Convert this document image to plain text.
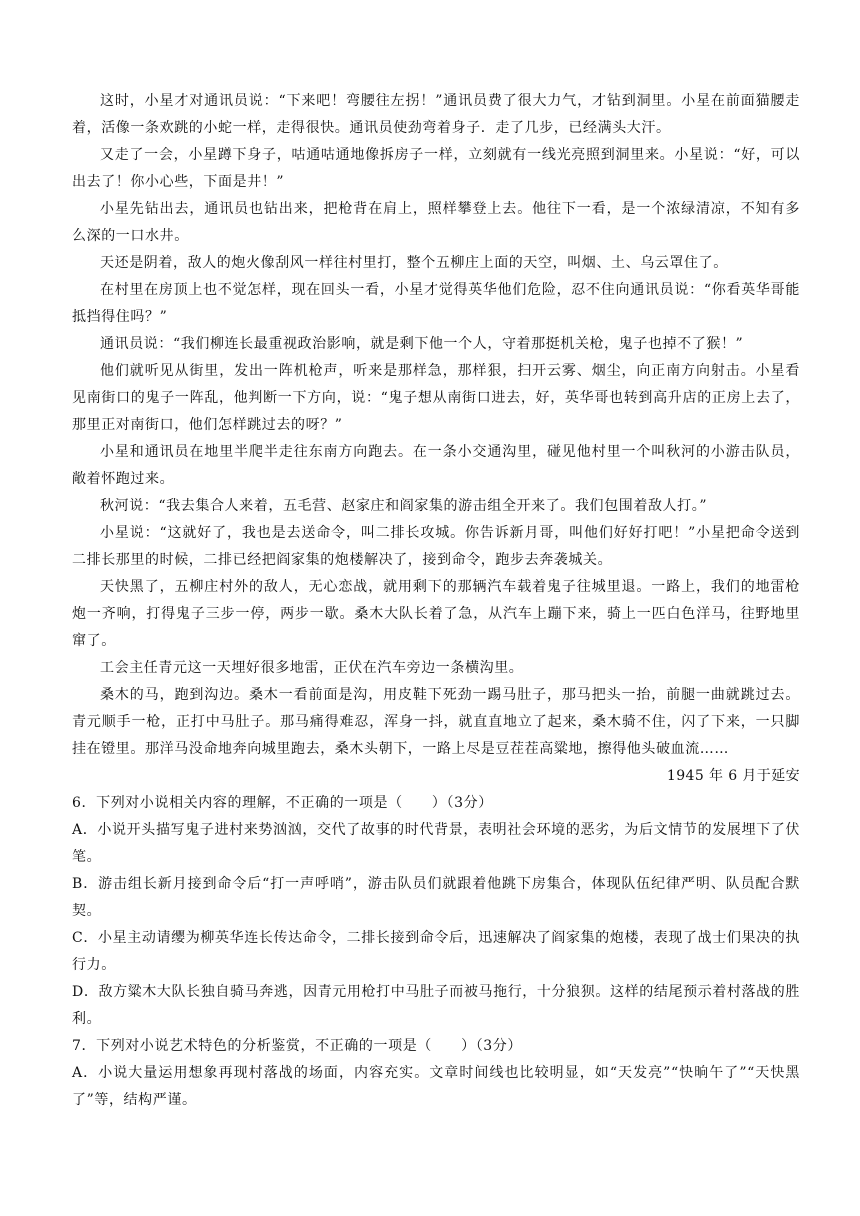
这时，小星才对通讯员说：“下来吧！弯腰往左拐！”通讯员费了很大力气，才钻到洞里。小星在前面猫腰走着，活像一条欢跳的小蛇一样，走得很快。通讯员使劲弯着身子．走了几步，已经满头大汗。

又走了一会，小星蹲下身子，咕通咕通地像拆房子一样，立刻就有一线光亮照到洞里来。小星说：“好，可以出去了！你小心些，下面是井！”

小星先钻出去，通讯员也钻出来，把枪背在肩上，照样攀登上去。他往下一看，是一个浓绿清凉，不知有多么深的一口水井。

天还是阴着，敌人的炮火像刮风一样往村里打，整个五柳庄上面的天空，叫烟、土、乌云罩住了。

在村里在房顶上也不觉怎样，现在回头一看，小星才觉得英华他们危险，忍不住向通讯员说：“你看英华哥能抵挡得住吗？”

通讯员说：“我们柳连长最重视政治影响，就是剩下他一个人，守着那挺机关枪，鬼子也掉不了猴！”

他们就听见从街里，发出一阵机枪声，听来是那样急，那样狠，扫开云雾、烟尘，向正南方向射击。小星看见南街口的鬼子一阵乱，他判断一下方向，说：“鬼子想从南街口进去，好，英华哥也转到高升店的正房上去了，那里正对南街口，他们怎样跳过去的呀？”

小星和通讯员在地里半爬半走往东南方向跑去。在一条小交通沟里，碰见他村里一个叫秋河的小游击队员，敞着怀跑过来。

秋河说：“我去集合人来着，五毛营、赵家庄和阎家集的游击组全开来了。我们包围着敌人打。”

小星说：“这就好了，我也是去送命令，叫二排长攻城。你告诉新月哥，叫他们好好打吧！”小星把命令送到二排长那里的时候，二排已经把阎家集的炮楼解决了，接到命令，跑步去奔袭城关。

天快黑了，五柳庄村外的敌人，无心恋战，就用剩下的那辆汽车载着鬼子往城里退。一路上，我们的地雷枪炮一齐响，打得鬼子三步一停，两步一歇。桑木大队长着了急，从汽车上蹦下来，骑上一匹白色洋马，往野地里窜了。

工会主任青元这一天埋好很多地雷，正伏在汽车旁边一条横沟里。

桑木的马，跑到沟边。桑木一看前面是沟，用皮鞋下死劲一踢马肚子，那马把头一抬，前腿一曲就跳过去。青元顺手一枪，正打中马肚子。那马痛得难忍，浑身一抖，就直直地立了起来，桑木骑不住，闪了下来，一只脚挂在镫里。那洋马没命地奔向城里跑去，桑木头朝下，一路上尽是豆茬茬高粱地，擦得他头破血流……

1945 年 6 月于延安

6．下列对小说相关内容的理解，不正确的一项是（　　）（3分）

A．小说开头描写鬼子进村来势汹汹，交代了故事的时代背景，表明社会环境的恶劣，为后文情节的发展埋下了伏笔。

B．游击组长新月接到命令后“打一声呼哨”，游击队员们就跟着他跳下房集合，体现队伍纪律严明、队员配合默契。

C．小星主动请缨为柳英华连长传达命令，二排长接到命令后，迅速解决了阎家集的炮楼，表现了战士们果决的执行力。

D．敌方粱木大队长独自骑马奔逃，因青元用枪打中马肚子而被马拖行，十分狼狈。这样的结尾预示着村落战的胜利。

7．下列对小说艺术特色的分析鉴赏，不正确的一项是（　　）（3分）

A．小说大量运用想象再现村落战的场面，内容充实。文章时间线也比较明显，如“天发亮”“快晌午了”“天快黑了”等，结构严谨。
